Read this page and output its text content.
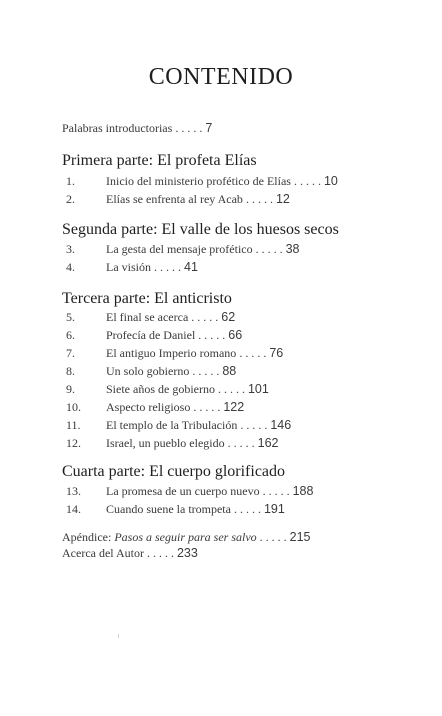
CONTENIDO
Palabras introductorias . . . . . 7
Primera parte: El profeta Elías
1.	Inicio del ministerio profético de Elías . . . . . 10
2.	Elías se enfrenta al rey Acab . . . . . 12
Segunda parte: El valle de los huesos secos
3.	La gesta del mensaje profético . . . . . 38
4.	La visión . . . . . 41
Tercera parte: El anticristo
5.	El final se acerca . . . . . 62
6.	Profecía de Daniel . . . . . 66
7.	El antiguo Imperio romano . . . . . 76
8.	Un solo gobierno . . . . . 88
9.	Siete años de gobierno . . . . . 101
10. Aspecto religioso . . . . . 122
11. El templo de la Tribulación . . . . . 146
12. Israel, un pueblo elegido . . . . . 162
Cuarta parte: El cuerpo glorificado
13. La promesa de un cuerpo nuevo . . . . . 188
14. Cuando suene la trompeta . . . . . 191
Apéndice: Pasos a seguir para ser salvo . . . . . 215
Acerca del Autor . . . . . 233
